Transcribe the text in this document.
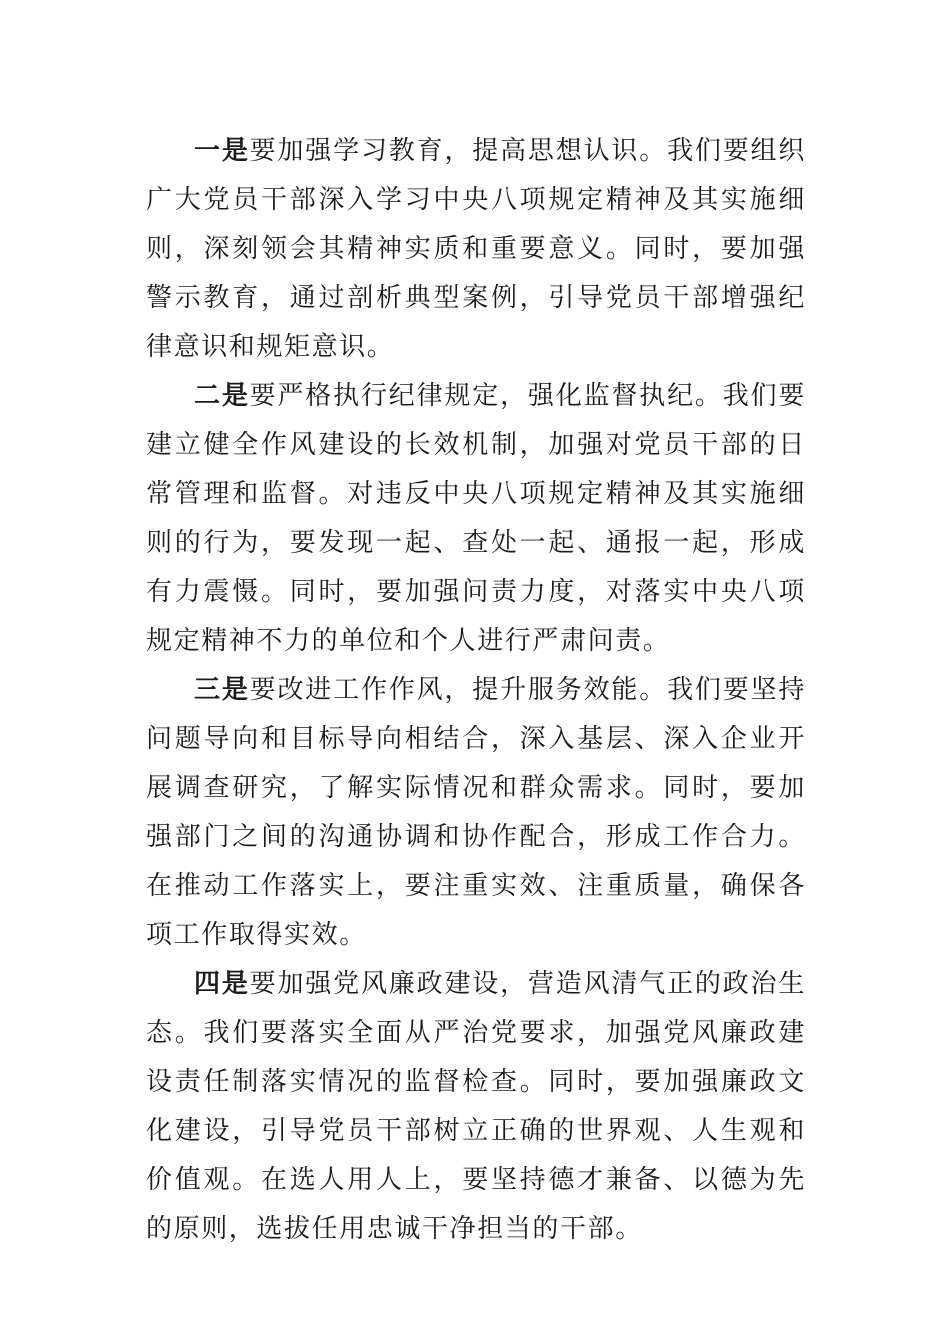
一是要加强学习教育，提高思想认识。我们要组织广大党员干部深入学习中央八项规定精神及其实施细则，深刻领会其精神实质和重要意义。同时，要加强警示教育，通过剖析典型案例，引导党员干部增强纪律意识和规矩意识。

二是要严格执行纪律规定，强化监督执纪。我们要建立健全作风建设的长效机制，加强对党员干部的日常管理和监督。对违反中央八项规定精神及其实施细则的行为，要发现一起、查处一起、通报一起，形成有力震慑。同时，要加强问责力度，对落实中央八项规定精神不力的单位和个人进行严肃问责。

三是要改进工作作风，提升服务效能。我们要坚持问题导向和目标导向相结合，深入基层、深入企业开展调查研究，了解实际情况和群众需求。同时，要加强部门之间的沟通协调和协作配合，形成工作合力。在推动工作落实上，要注重实效、注重质量，确保各项工作取得实效。

四是要加强党风廉政建设，营造风清气正的政治生态。我们要落实全面从严治党要求，加强党风廉政建设责任制落实情况的监督检查。同时，要加强廉政文化建设，引导党员干部树立正确的世界观、人生观和价值观。在选人用人上，要坚持德才兼备、以德为先的原则，选拔任用忠诚干净担当的干部。
